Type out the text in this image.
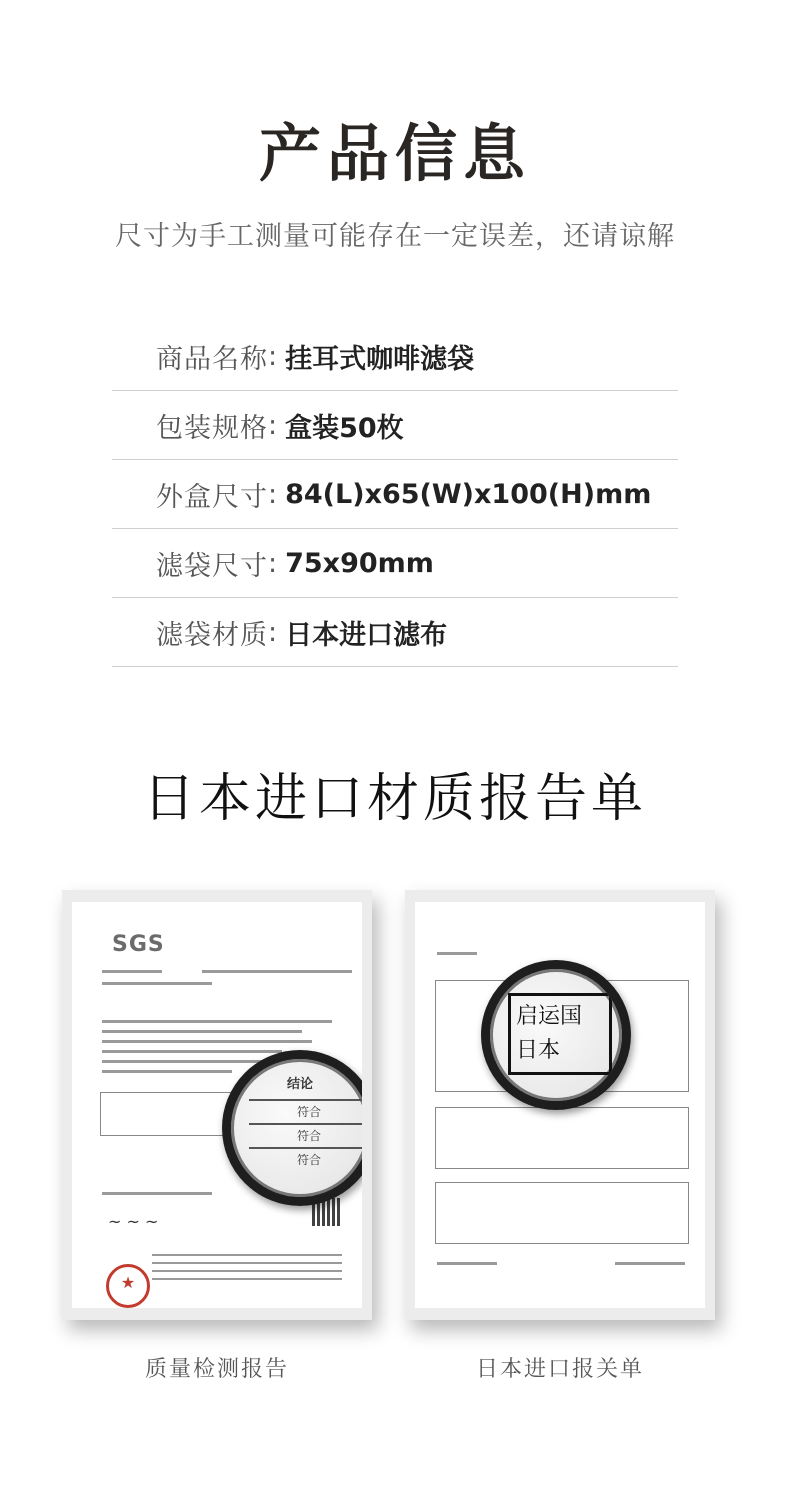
产品信息
尺寸为手工测量可能存在一定误差，还请谅解
商品名称 : 挂耳式咖啡滤袋
包装规格 : 盒装50枚
外盒尺寸 : 84(L)x65(W)x100(H)mm
滤袋尺寸 : 75x90mm
滤袋材质 : 日本进口滤布
日本进口材质报告单
SGS
~ ~ ~
★
结论
符合
符合
符合
启运国
日本
质量检测报告	日本进口报关单
